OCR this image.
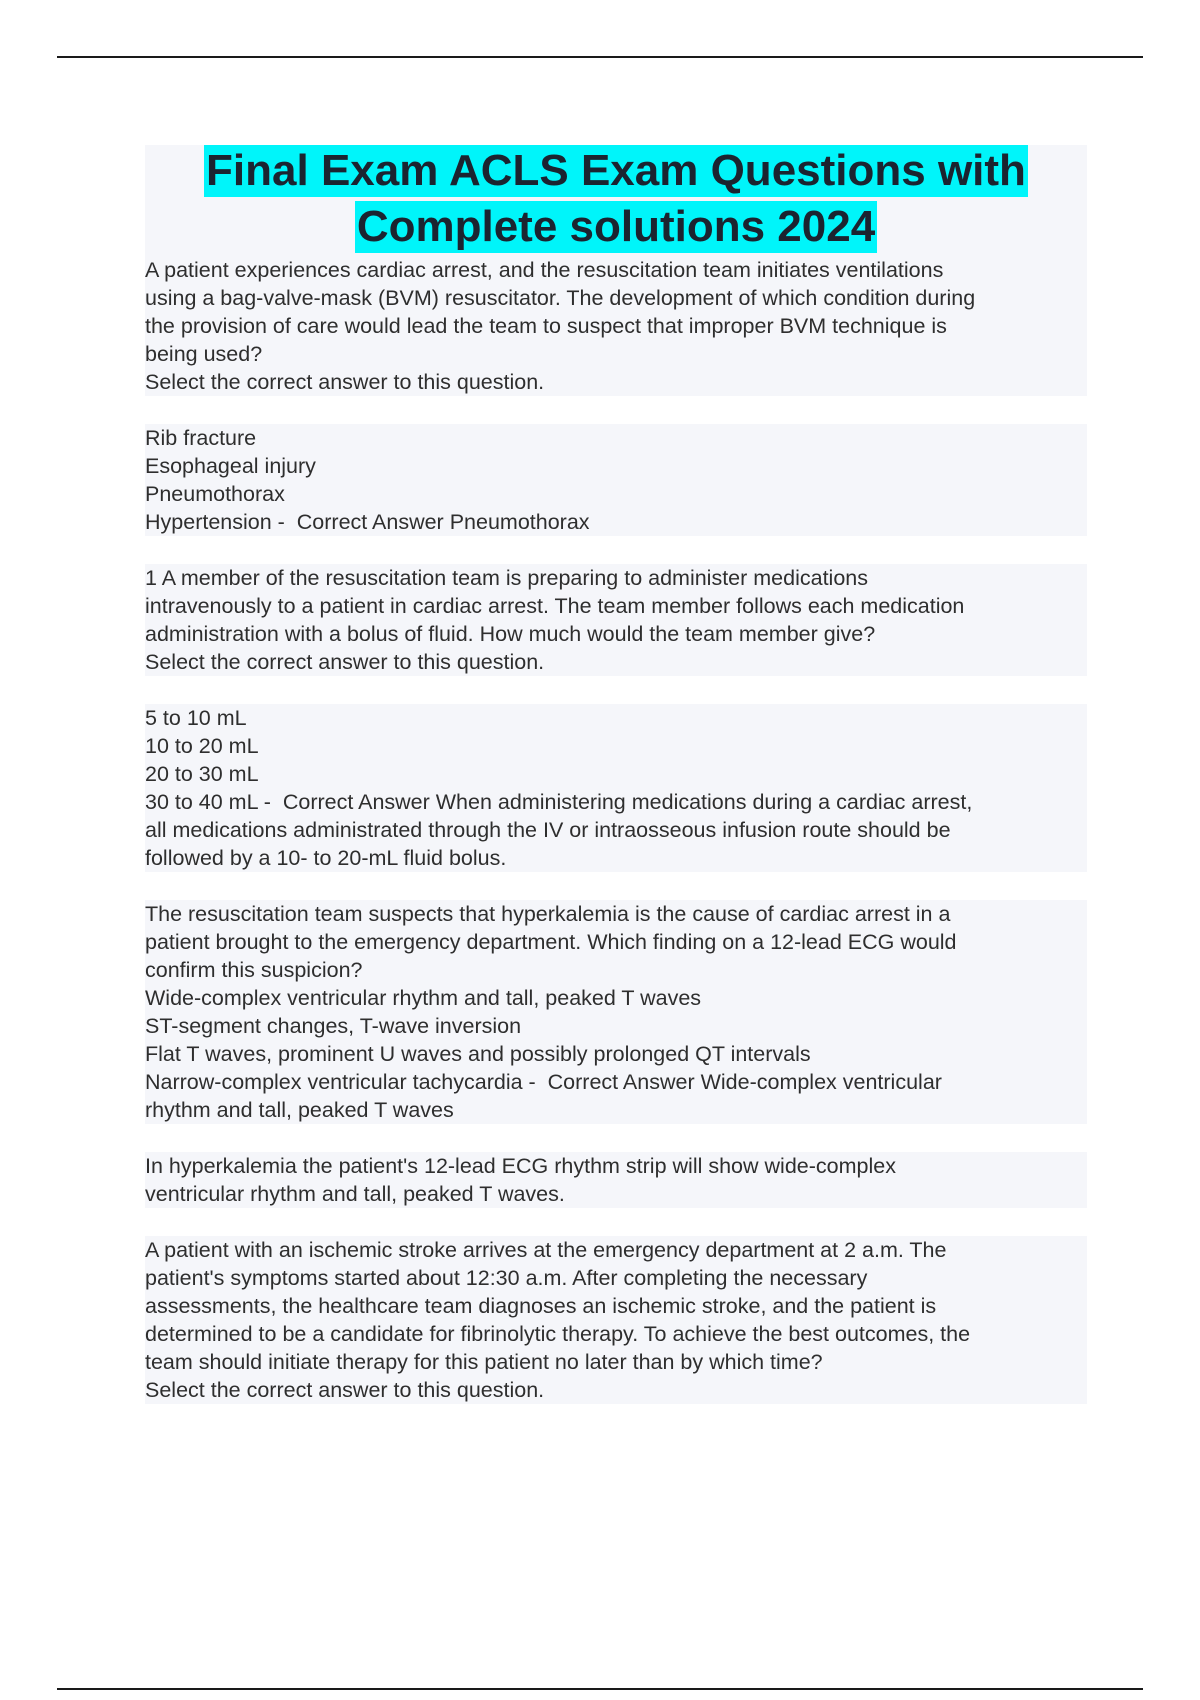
Final Exam ACLS Exam Questions with
Complete solutions 2024
A patient experiences cardiac arrest, and the resuscitation team initiates ventilations
using a bag-valve-mask (BVM) resuscitator. The development of which condition during
the provision of care would lead the team to suspect that improper BVM technique is
being used?
Select the correct answer to this question.
Rib fracture
Esophageal injury
Pneumothorax
Hypertension -  Correct Answer Pneumothorax
1 A member of the resuscitation team is preparing to administer medications
intravenously to a patient in cardiac arrest. The team member follows each medication
administration with a bolus of fluid. How much would the team member give?
Select the correct answer to this question.
5 to 10 mL
10 to 20 mL
20 to 30 mL
30 to 40 mL -  Correct Answer When administering medications during a cardiac arrest,
all medications administrated through the IV or intraosseous infusion route should be
followed by a 10- to 20-mL fluid bolus.
The resuscitation team suspects that hyperkalemia is the cause of cardiac arrest in a
patient brought to the emergency department. Which finding on a 12-lead ECG would
confirm this suspicion?
Wide-complex ventricular rhythm and tall, peaked T waves
ST-segment changes, T-wave inversion
Flat T waves, prominent U waves and possibly prolonged QT intervals
Narrow-complex ventricular tachycardia -  Correct Answer Wide-complex ventricular
rhythm and tall, peaked T waves
In hyperkalemia the patient's 12-lead ECG rhythm strip will show wide-complex
ventricular rhythm and tall, peaked T waves.
A patient with an ischemic stroke arrives at the emergency department at 2 a.m. The
patient's symptoms started about 12:30 a.m. After completing the necessary
assessments, the healthcare team diagnoses an ischemic stroke, and the patient is
determined to be a candidate for fibrinolytic therapy. To achieve the best outcomes, the
team should initiate therapy for this patient no later than by which time?
Select the correct answer to this question.
